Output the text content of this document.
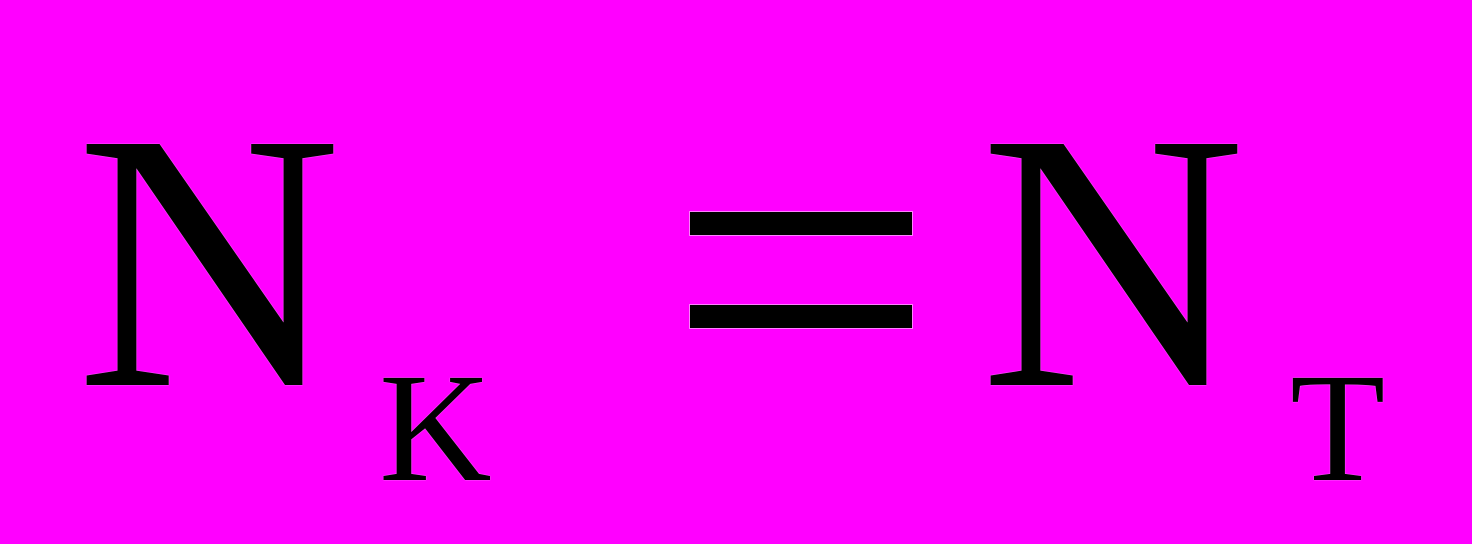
N K N T
